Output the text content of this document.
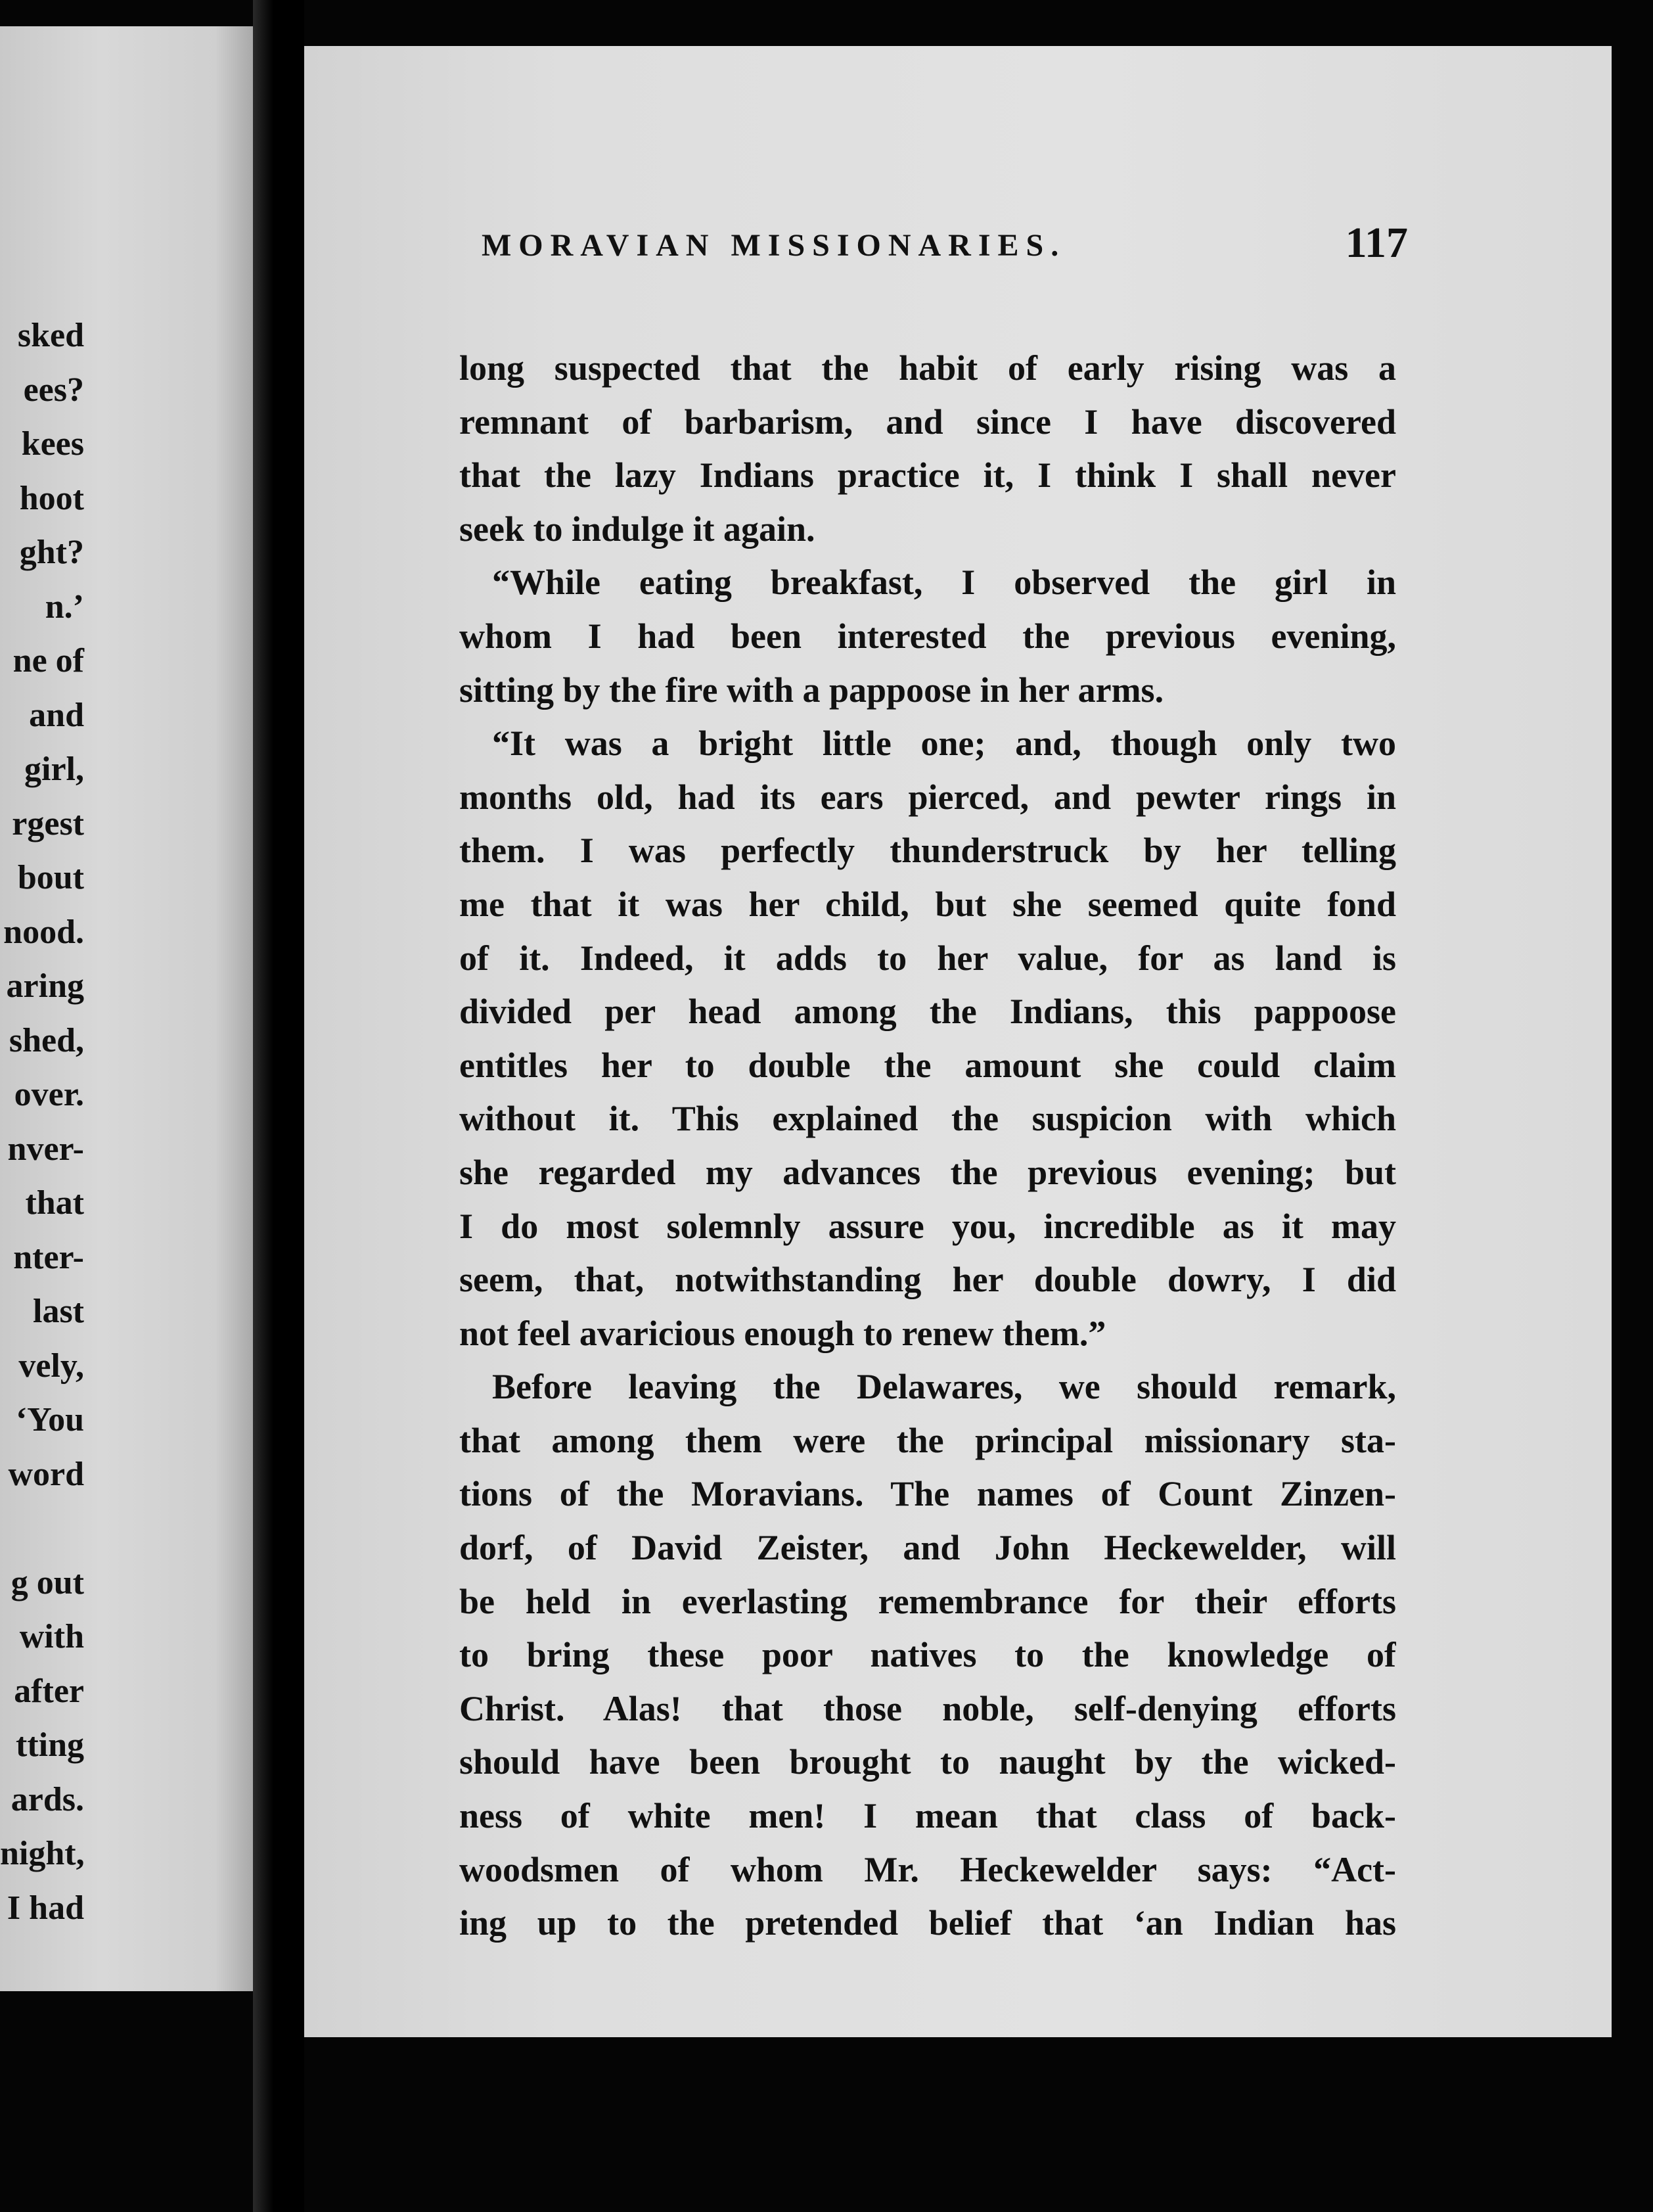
sked
ees?
kees
hoot
ght?
n.’
ne of
and
girl,
rgest
bout
nood.
aring
shed,
over.
nver-
that
nter-
last
vely,
‘You
word
g out
with
after
tting
ards.
night,
I had
MORAVIAN MISSIONARIES.	117
long suspected that the habit of early rising was a
remnant of barbarism, and since I have discovered
that the lazy Indians practice it, I think I shall never
seek to indulge it again.
“While eating breakfast, I observed the girl in
whom I had been interested the previous evening,
sitting by the fire with a pappoose in her arms.
“It was a bright little one; and, though only two
months old, had its ears pierced, and pewter rings in
them. I was perfectly thunderstruck by her telling
me that it was her child, but she seemed quite fond
of it. Indeed, it adds to her value, for as land is
divided per head among the Indians, this pappoose
entitles her to double the amount she could claim
without it. This explained the suspicion with which
she regarded my advances the previous evening; but
I do most solemnly assure you, incredible as it may
seem, that, notwithstanding her double dowry, I did
not feel avaricious enough to renew them.”
Before leaving the Delawares, we should remark,
that among them were the principal missionary sta-
tions of the Moravians. The names of Count Zinzen-
dorf, of David Zeister, and John Heckewelder, will
be held in everlasting remembrance for their efforts
to bring these poor natives to the knowledge of
Christ. Alas! that those noble, self-denying efforts
should have been brought to naught by the wicked-
ness of white men! I mean that class of back-
woodsmen of whom Mr. Heckewelder says: “Act-
ing up to the pretended belief that ‘an Indian has
